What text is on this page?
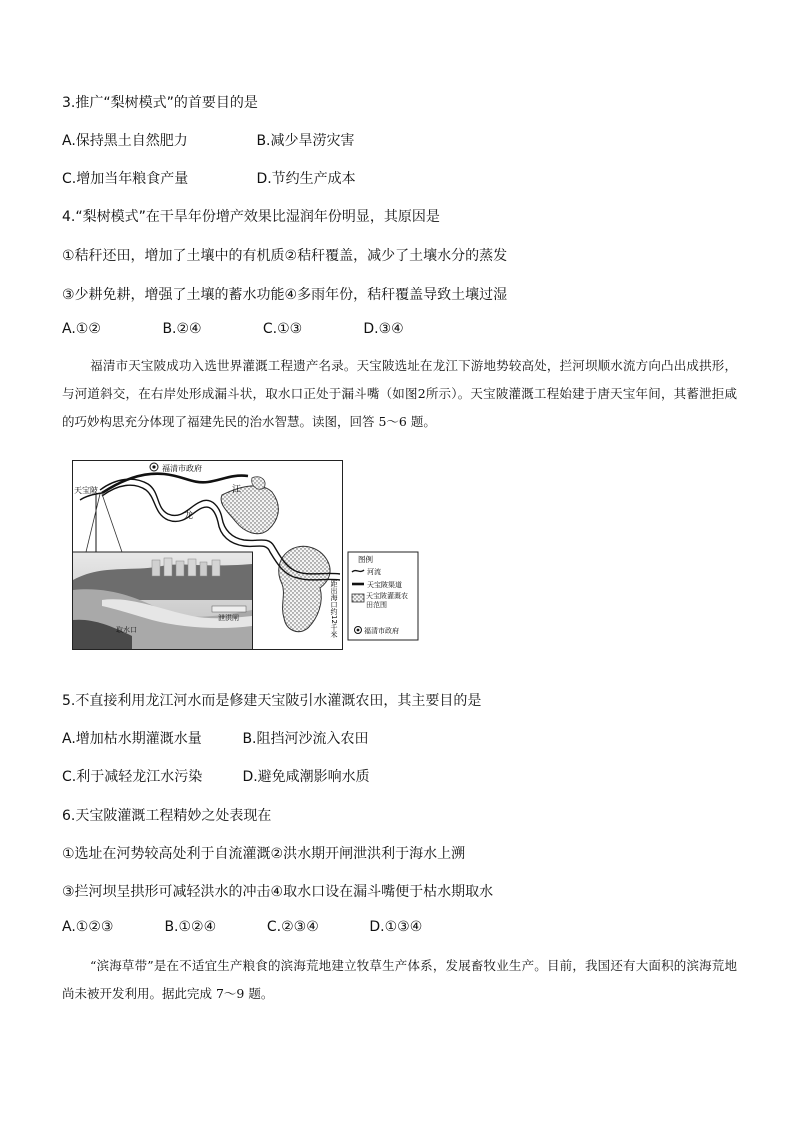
3.推广“梨树模式”的首要目的是
A.保持黑土自然肥力	B.减少旱涝灾害
C.增加当年粮食产量	D.节约生产成本
4.“梨树模式”在干旱年份增产效果比湿润年份明显，其原因是
①秸秆还田，增加了土壤中的有机质②秸秆覆盖，减少了土壤水分的蒸发
③少耕免耕，增强了土壤的蓄水功能④多雨年份，秸秆覆盖导致土壤过湿
A.①②	B.②④	C.①③	D.③④
福清市天宝陂成功入选世界灌溉工程遗产名录。天宝陂选址在龙江下游地势较高处，拦河坝顺水流方向凸出成拱形，与河道斜交，在右岸处形成漏斗状，取水口正处于漏斗嘴（如图2所示）。天宝陂灌溉工程始建于唐天宝年间，其蓄泄拒咸的巧妙构思充分体现了福建先民的治水智慧。读图，回答 5～6 题。
福清市政府
天宝陂	江
龙
取水口
泄洪闸	距出海口约12千米
图例
河流
天宝陂渠道
天宝陂灌溉农田范围
福清市政府
5.不直接利用龙江河水而是修建天宝陂引水灌溉农田，其主要目的是
A.增加枯水期灌溉水量	B.阻挡河沙流入农田
C.利于减轻龙江水污染	D.避免咸潮影响水质
6.天宝陂灌溉工程精妙之处表现在
①选址在河势较高处利于自流灌溉②洪水期开闸泄洪利于海水上溯
③拦河坝呈拱形可减轻洪水的冲击④取水口设在漏斗嘴便于枯水期取水
A.①②③	B.①②④	C.②③④	D.①③④
“滨海草带”是在不适宜生产粮食的滨海荒地建立牧草生产体系，发展畜牧业生产。目前，我国还有大面积的滨海荒地尚未被开发利用。据此完成 7～9 题。
